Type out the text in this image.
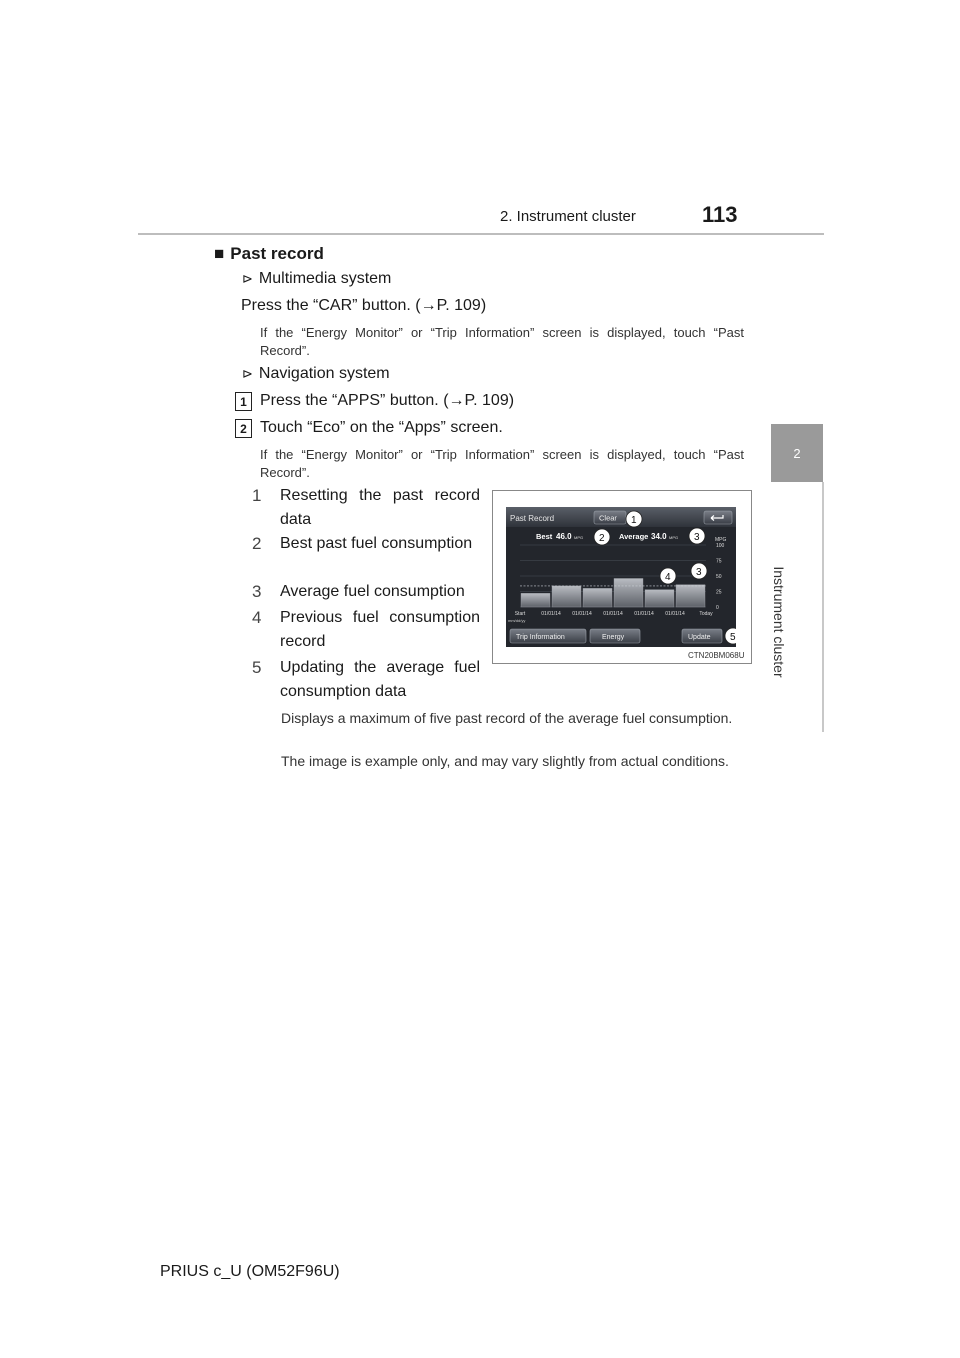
2. Instrument cluster	113
2
Instrument cluster
■ Past record
⊳ Multimedia system
Press the “CAR” button. (→P. 109)
If the “Energy Monitor” or “Trip Information” screen is displayed, touch “Past Record”.
⊳ Navigation system
1 Press the “APPS” button. (→P. 109)
2 Touch “Eco” on the “Apps” screen.
If the “Energy Monitor” or “Trip Information” screen is displayed, touch “Past Record”.
1 Resetting the past record data
2 Best past fuel consumption
3 Average fuel consumption
4 Previous fuel consumption record
5 Updating the average fuel consumption data
Past Record	Clear
Best 46.0 MPG	Average 34.0 MPG	MPG
100
75
50
25
0
Start	01/01/14 01/01/14 01/01/14 01/01/14 01/01/14	Today
mm/dd/yy
Trip Information	Energy	Update
1
2	3
4	3
5
CTN20BM068U
Displays a maximum of five past record of the average fuel consumption.
The image is example only, and may vary slightly from actual conditions.
PRIUS c_U (OM52F96U)
